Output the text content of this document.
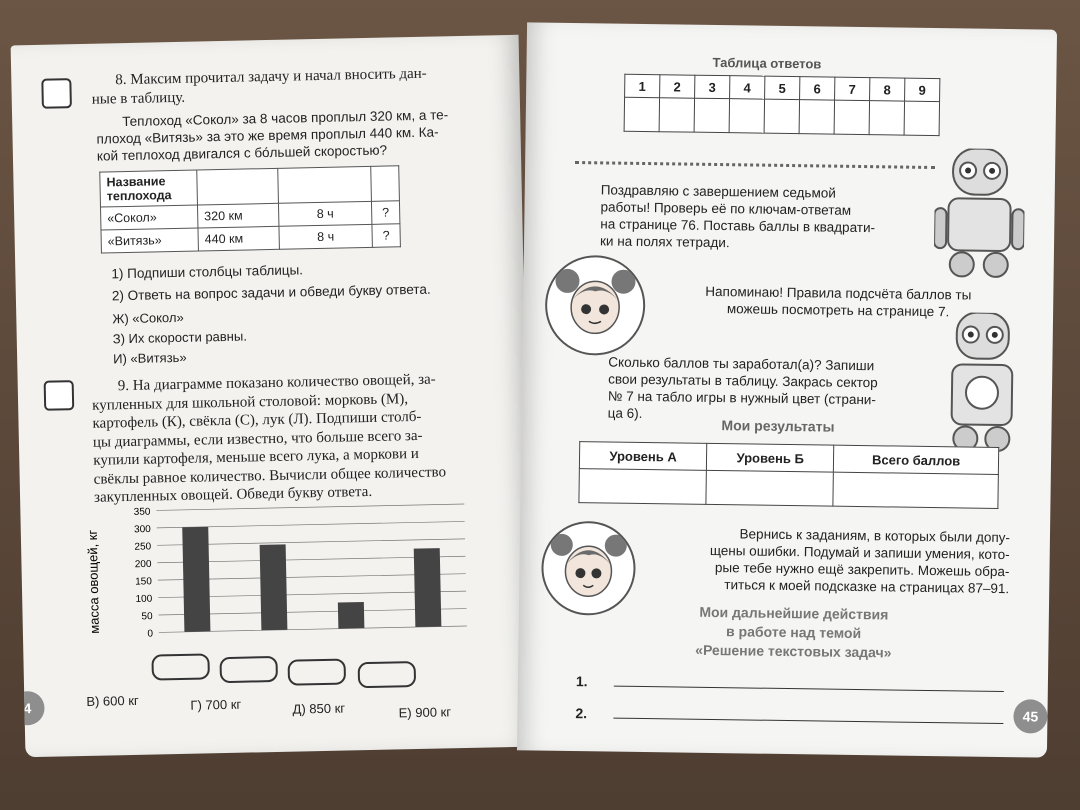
8. Максим прочитал задачу и начал вносить дан-
ные в таблицу.
Теплоход «Сокол» за 8 часов проплыл 320 км, а те-
плоход «Витязь» за это же время проплыл 440 км. Ка-
кой теплоход двигался с бо́льшей скоростью?
Название теплохода			
«Сокол»	320 км	8 ч	?
«Витязь»	440 км	8 ч	?
1) Подпиши столбцы таблицы.
2) Ответь на вопрос задачи и обведи букву ответа.
Ж) «Сокол»
З) Их скорости равны.
И) «Витязь»
9. На диаграмме показано количество овощей, за-
купленных для школьной столовой: морковь (М),
картофель (К), свёкла (С), лук (Л). Подпиши столб-
цы диаграммы, если известно, что больше всего за-
купили картофеля, меньше всего лука, а моркови и
свёклы равное количество. Вычисли общее количество
закупленных овощей. Обведи букву ответа.
0
50
100
150
200
250
300
350
масса овощей, кг
В) 600 кг	Г) 700 кг	Д) 850 кг	Е) 900 кг
4
Таблица ответов
1	2	3	4	5	6	7	8	9

Поздравляю с завершением седьмой
работы! Проверь её по ключам-ответам
на странице 76. Поставь баллы в квадрати-
ки на полях тетради.
Напоминаю! Правила подсчёта баллов ты
можешь посмотреть на странице 7.
Сколько баллов ты заработал(а)? Запиши
свои результаты в таблицу. Закрась сектор
№ 7 на табло игры в нужный цвет (страни-
ца 6).
Мои результаты
Уровень А	Уровень Б	Всего баллов

Вернись к заданиям, в которых были допу-
щены ошибки. Подумай и запиши умения, кото-
рые тебе нужно ещё закрепить. Можешь обра-
титься к моей подсказке на страницах 87–91.
Мои дальнейшие действия
в работе над темой
«Решение текстовых задач»
1.
2.	45
